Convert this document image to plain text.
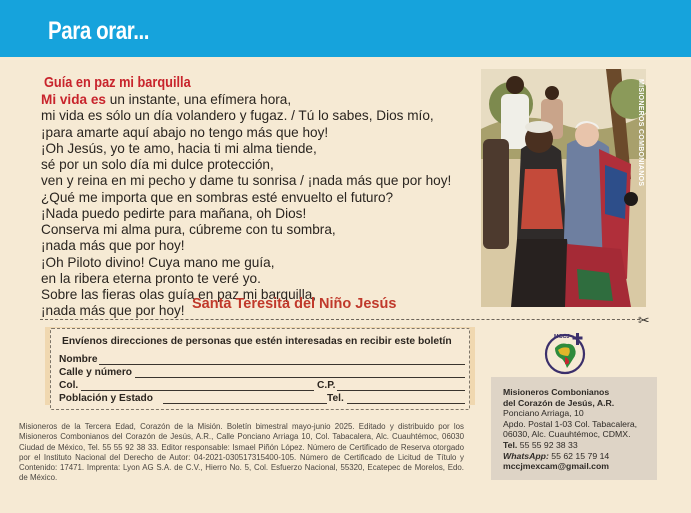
Para orar...
Guía en paz mi barquilla
Mi vida es un instante, una efímera hora,
mi vida es sólo un día volandero y fugaz. / Tú lo sabes, Dios mío,
¡para amarte aquí abajo no tengo más que hoy!
¡Oh Jesús, yo te amo, hacia ti mi alma tiende,
sé por un solo día mi dulce protección,
ven y reina en mi pecho y dame tu sonrisa / ¡nada más que por hoy!
¿Qué me importa que en sombras esté envuelto el futuro?
¡Nada puedo pedirte para mañana, oh Dios!
Conserva mi alma pura, cúbreme con tu sombra,
¡nada más que por hoy!
¡Oh Piloto divino! Cuya mano me guía,
en la ribera eterna pronto te veré yo.
Sobre las fieras olas guía en paz mi barquilla,
¡nada más que por hoy! Santa Teresita del Niño Jesús
MISIONEROS COMBONIANOS
✂
Envíenos direcciones de personas que estén interesadas en recibir este boletín
Nombre
Calle y número
Col.	C.P.
Población y Estado	Tel.
MCCJ
Misioneros de la Tercera Edad, Corazón de la Misión. Boletín bimestral mayo-junio 2025. Editado y distribuido por los Misioneros Combonianos del Corazón de Jesús, A.R., Calle Ponciano Arriaga 10, Col. Tabacalera, Alc. Cuauhtémoc, 06030 Ciudad de México, Tel. 55 55 92 38 33. Editor responsable: Ismael Piñón López. Número de Certificado de Reserva otorgado por el Instituto Nacional del Derecho de Autor: 04-2021-030517315400-105. Número de Certificado de Licitud de Título y Contenido: 17471. Imprenta: Lyon AG S.A. de C.V., Hierro No. 5, Col. Esfuerzo Nacional, 55320, Ecatepec de Morelos, Edo. de México.
Misioneros Combonianos
del Corazón de Jesús, A.R.
Ponciano Arriaga, 10
Apdo. Postal 1-03 Col. Tabacalera,
06030, Alc. Cuauhtémoc, CDMX.
Tel. 55 55 92 38 33
WhatsApp: 55 62 15 79 14
mccjmexcam@gmail.com
